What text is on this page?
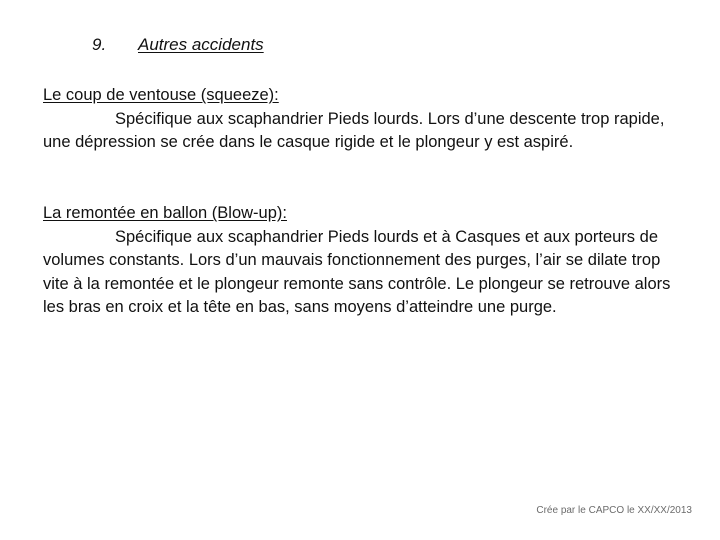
9.	Autres accidents
Le coup de ventouse (squeeze):

Spécifique aux scaphandrier Pieds lourds. Lors d’une descente trop rapide, une dépression se crée dans le casque rigide et le plongeur y est aspiré.

La remontée en ballon (Blow-up):

Spécifique aux scaphandrier Pieds lourds et à Casques et aux porteurs de volumes constants. Lors d’un mauvais fonctionnement des purges, l’air se dilate trop vite à la remontée et le plongeur remonte sans contrôle. Le plongeur se retrouve alors les bras en croix et la tête en bas, sans moyens d’atteindre une purge.

Crée par le CAPCO le XX/XX/2013
